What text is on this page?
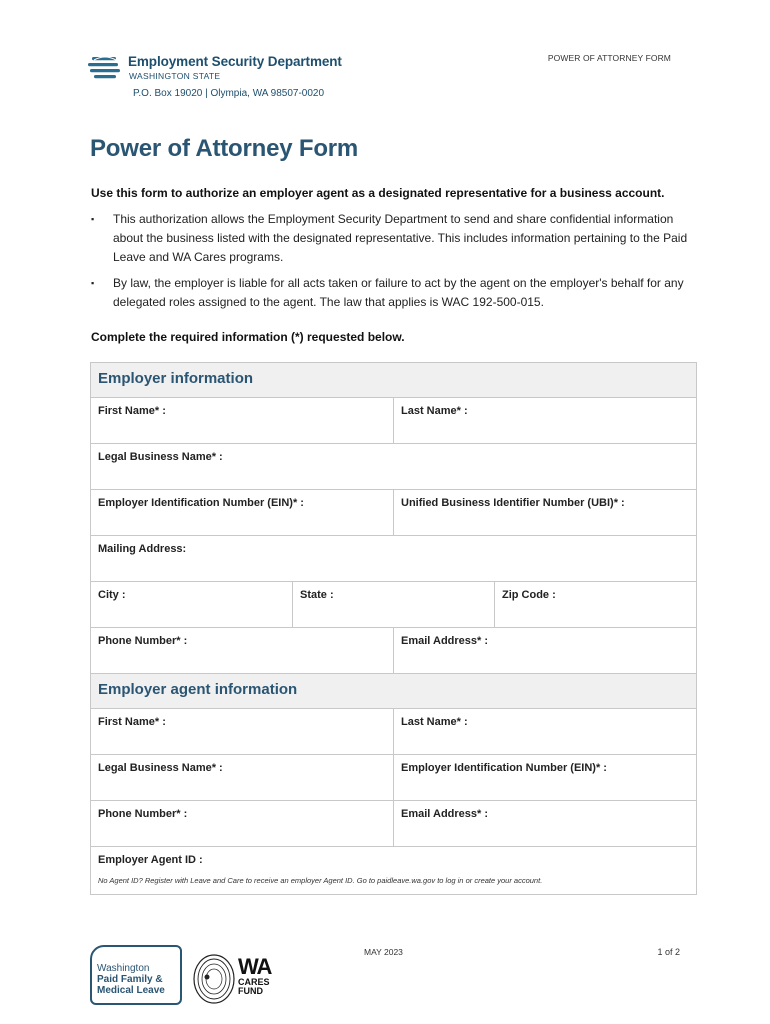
POWER OF ATTORNEY FORM
Employment Security Department
WASHINGTON STATE
P.O. Box 19020 | Olympia, WA 98507-0020
Power of Attorney Form
Use this form to authorize an employer agent as a designated representative for a business account.
▪ This authorization allows the Employment Security Department to send and share confidential information about the business listed with the designated representative. This includes information pertaining to the Paid Leave and WA Cares programs.
▪ By law, the employer is liable for all acts taken or failure to act by the agent on the employer's behalf for any delegated roles assigned to the agent. The law that applies is WAC 192-500-015.
Complete the required information (*) requested below.
Employer information
First Name* :	Last Name* :
Legal Business Name* :
Employer Identification Number (EIN)* :	Unified Business Identifier Number (UBI)* :
Mailing Address:
City :	State :	Zip Code :
Phone Number* :	Email Address* :
Employer agent information
First Name* :	Last Name* :
Legal Business Name* :	Employer Identification Number (EIN)* :
Phone Number* :	Email Address* :
Employer Agent ID :
No Agent ID? Register with Leave and Care to receive an employer Agent ID. Go to paidleave.wa.gov to log in or create your account.
MAY 2023	1 of 2
Washington
Paid Family &
Medical Leave
WA
CARES
FUND
